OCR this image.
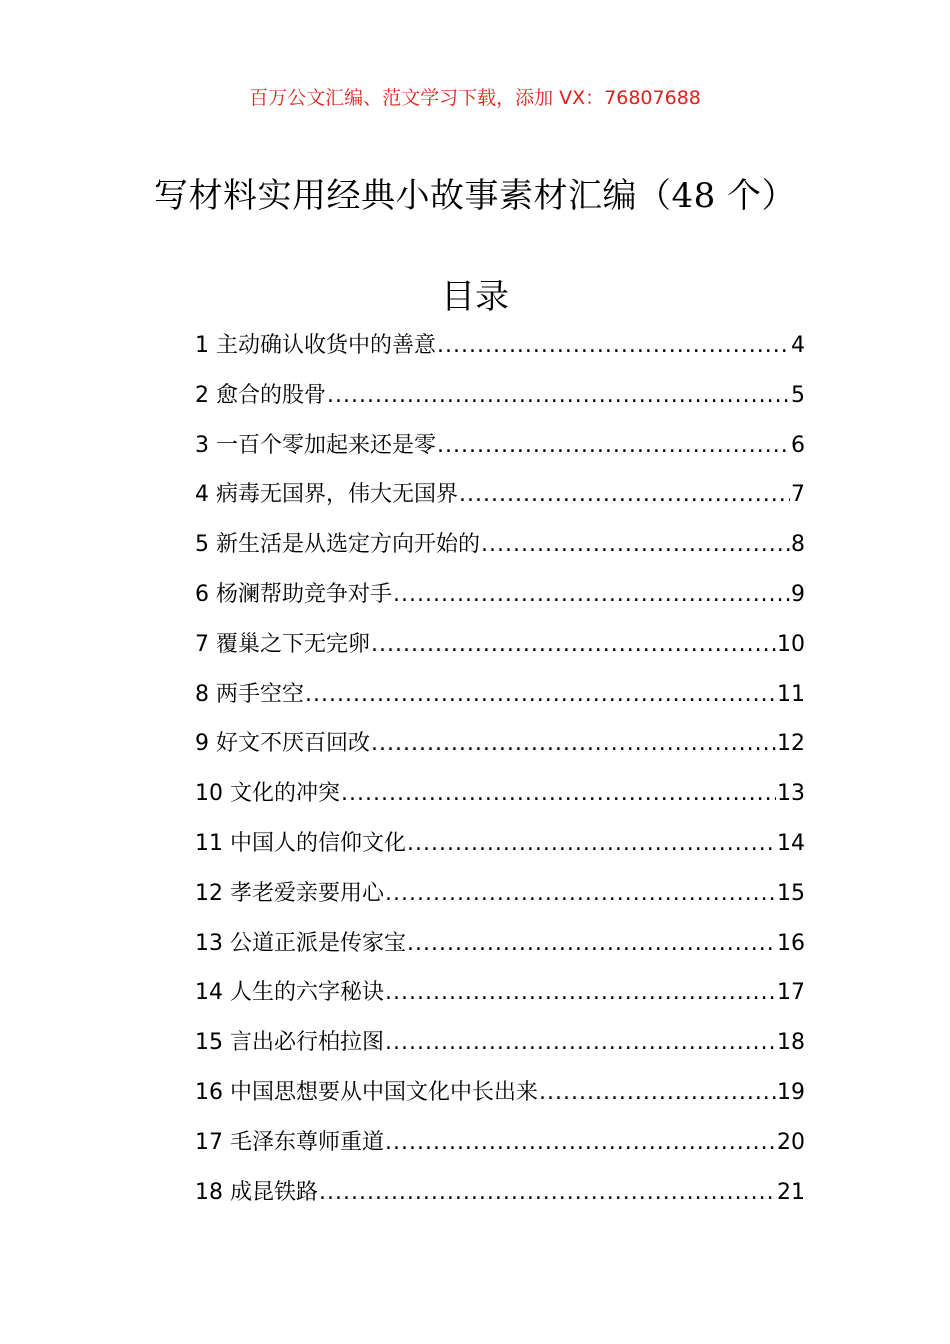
百万公文汇编、范文学习下载，添加 VX：76807688
写材料实用经典小故事素材汇编（48 个）
目录
1 主动确认收货中的善意 .....	4
2 愈合的股骨 .....	5
3 一百个零加起来还是零 .....	6
4 病毒无国界，伟大无国界 .....	7
5 新生活是从选定方向开始的 .....	8
6 杨澜帮助竞争对手 .....	9
7 覆巢之下无完卵 .....	10
8 两手空空 .....	11
9 好文不厌百回改 .....	12
10 文化的冲突 .....	13
11 中国人的信仰文化 .....	14
12 孝老爱亲要用心 .....	15
13 公道正派是传家宝 .....	16
14 人生的六字秘诀 .....	17
15 言出必行柏拉图 .....	18
16 中国思想要从中国文化中长出来 .....	19
17 毛泽东尊师重道 .....	20
18 成昆铁路 .....	21
